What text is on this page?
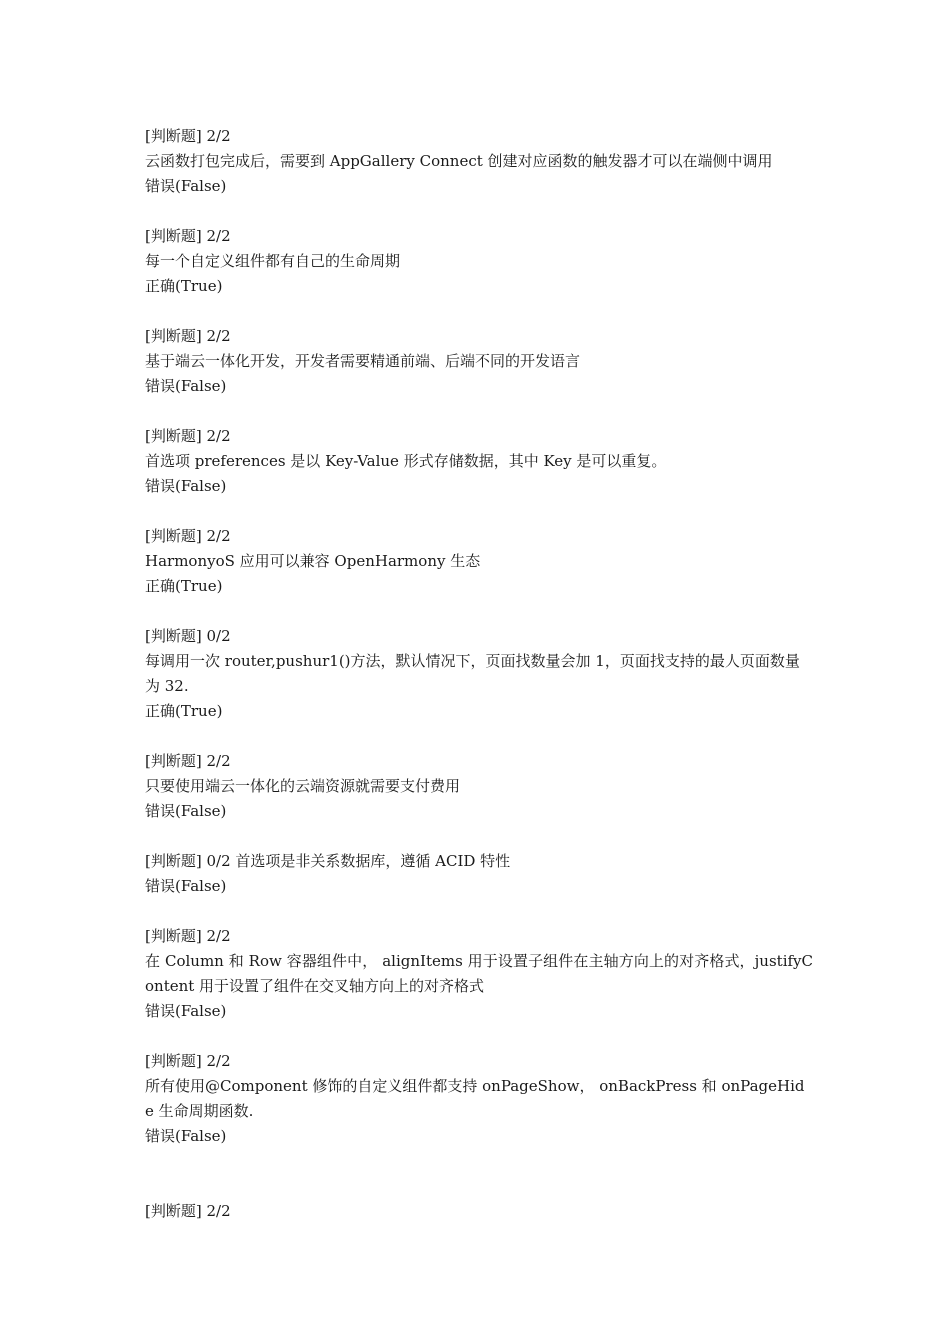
[判断题] 2/2
云函数打包完成后，需要到 AppGallery Connect 创建对应函数的触发器才可以在端侧中调用
错误(False)
[判断题] 2/2
每一个自定义组件都有自己的生命周期
正确(True)
[判断题] 2/2
基于端云一体化开发，开发者需要精通前端、后端不同的开发语言
错误(False)
[判断题] 2/2
首选项 preferences 是以 Key-Value 形式存储数据，其中 Key 是可以重复。
错误(False)
[判断题] 2/2
HarmonyoS 应用可以兼容 OpenHarmony 生态
正确(True)
[判断题] 0/2
每调用一次 router,pushur1()方法，默认情况下，页面找数量会加 1，页面找支持的最人页面数量为 32.
正确(True)
[判断题] 2/2
只要使用端云一体化的云端资源就需要支付费用
错误(False)
[判断题] 0/2 首选项是非关系数据库，遵循 ACID 特性
错误(False)
[判断题] 2/2
在 Column 和 Row 容器组件中， alignItems 用于设置子组件在主轴方向上的对齐格式，justifyContent 用于设置了组件在交叉轴方向上的对齐格式
错误(False)
[判断题] 2/2
所有使用@Component 修饰的自定义组件都支持 onPageShow， onBackPress 和 onPageHide 生命周期函数.
错误(False)
[判断题] 2/2
